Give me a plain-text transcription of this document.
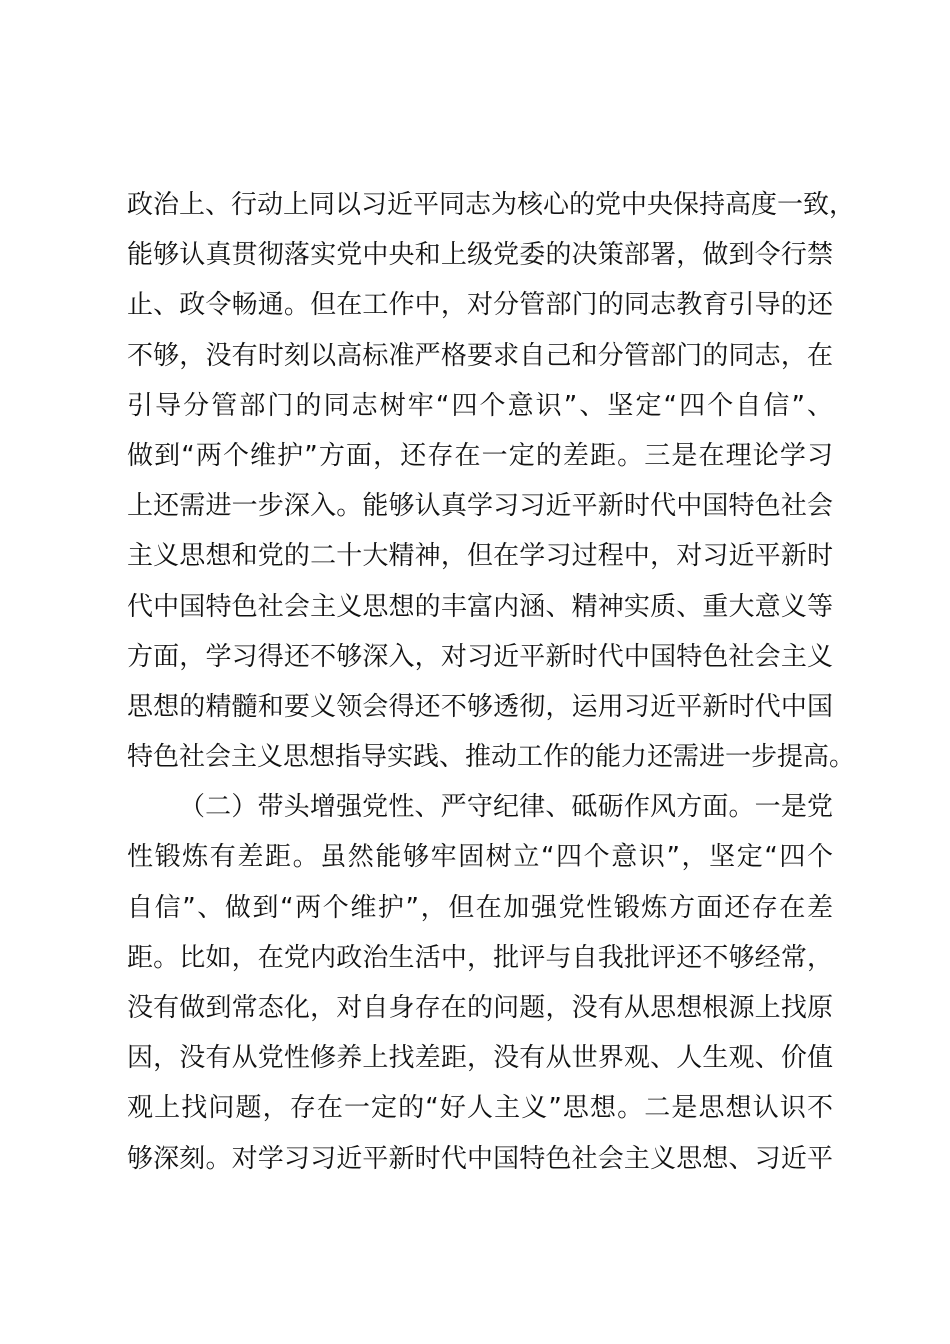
政治上、行动上同以习近平同志为核心的党中央保持高度一致，
能够认真贯彻落实党中央和上级党委的决策部署，做到令行禁
止、政令畅通。但在工作中，对分管部门的同志教育引导的还
不够，没有时刻以高标准严格要求自己和分管部门的同志，在
引导分管部门的同志树牢“四个意识”、坚定“四个自信”、
做到“两个维护”方面，还存在一定的差距。三是在理论学习
上还需进一步深入。能够认真学习习近平新时代中国特色社会
主义思想和党的二十大精神，但在学习过程中，对习近平新时
代中国特色社会主义思想的丰富内涵、精神实质、重大意义等
方面，学习得还不够深入，对习近平新时代中国特色社会主义
思想的精髓和要义领会得还不够透彻，运用习近平新时代中国
特色社会主义思想指导实践、推动工作的能力还需进一步提高。
（二）带头增强党性、严守纪律、砥砺作风方面。一是党
性锻炼有差距。虽然能够牢固树立“四个意识”，坚定“四个
自信”、做到“两个维护”，但在加强党性锻炼方面还存在差
距。比如，在党内政治生活中，批评与自我批评还不够经常，
没有做到常态化，对自身存在的问题，没有从思想根源上找原
因，没有从党性修养上找差距，没有从世界观、人生观、价值
观上找问题，存在一定的“好人主义”思想。二是思想认识不
够深刻。对学习习近平新时代中国特色社会主义思想、习近平
